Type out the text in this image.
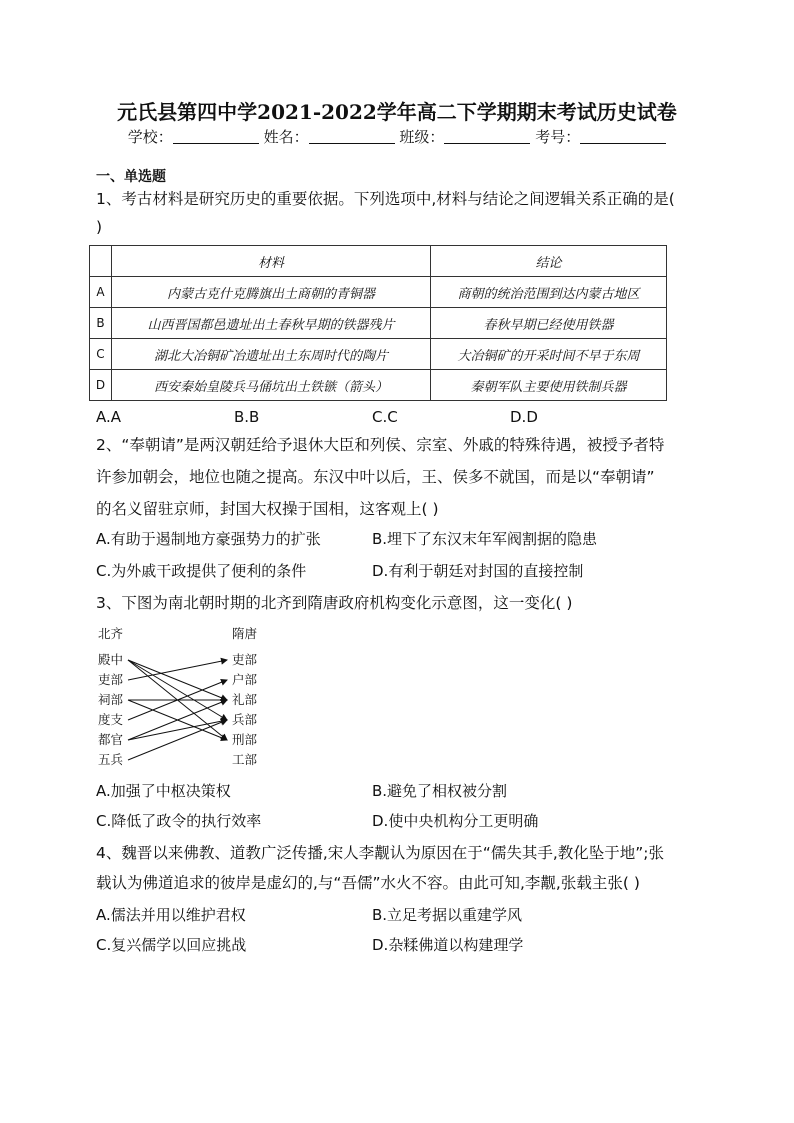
元氏县第四中学2021-2022学年高二下学期期末考试历史试卷
学校：	姓名：	班级：	考号：
一、单选题
1、考古材料是研究历史的重要依据。下列选项中,材料与结论之间逻辑关系正确的是(
)
	材料	结论
A	内蒙古克什克腾旗出土商朝的青铜器	商朝的统治范围到达内蒙古地区
B	山西晋国都邑遗址出土春秋早期的铁器残片	春秋早期已经使用铁器
C	湖北大冶铜矿冶遗址出土东周时代的陶片	大冶铜矿的开采时间不早于东周
D	西安秦始皇陵兵马俑坑出土铁镞（箭头）	秦朝军队主要使用铁制兵器
A.A	B.B	C.C	D.D
2、“奉朝请”是两汉朝廷给予退休大臣和列侯、宗室、外戚的特殊待遇，被授予者特
许参加朝会，地位也随之提高。东汉中叶以后，王、侯多不就国，而是以“奉朝请”
的名义留驻京师，封国大权操于国相，这客观上( )
A.有助于遏制地方豪强势力的扩张	B.埋下了东汉末年军阀割据的隐患
C.为外戚干政提供了便利的条件	D.有利于朝廷对封国的直接控制
3、下图为南北朝时期的北齐到隋唐政府机构变化示意图，这一变化( )
北齐	隋唐
殿中
吏部
祠部
度支
都官
五兵
吏部
户部
礼部
兵部
刑部
工部
A.加强了中枢决策权	B.避免了相权被分割
C.降低了政令的执行效率	D.使中央机构分工更明确
4、魏晋以来佛教、道教广泛传播,宋人李觏认为原因在于“儒失其手,教化坠于地”;张
载认为佛道追求的彼岸是虚幻的,与“吾儒”水火不容。由此可知,李觏,张载主张( )
A.儒法并用以维护君权	B.立足考据以重建学风
C.复兴儒学以回应挑战	D.杂糅佛道以构建理学
